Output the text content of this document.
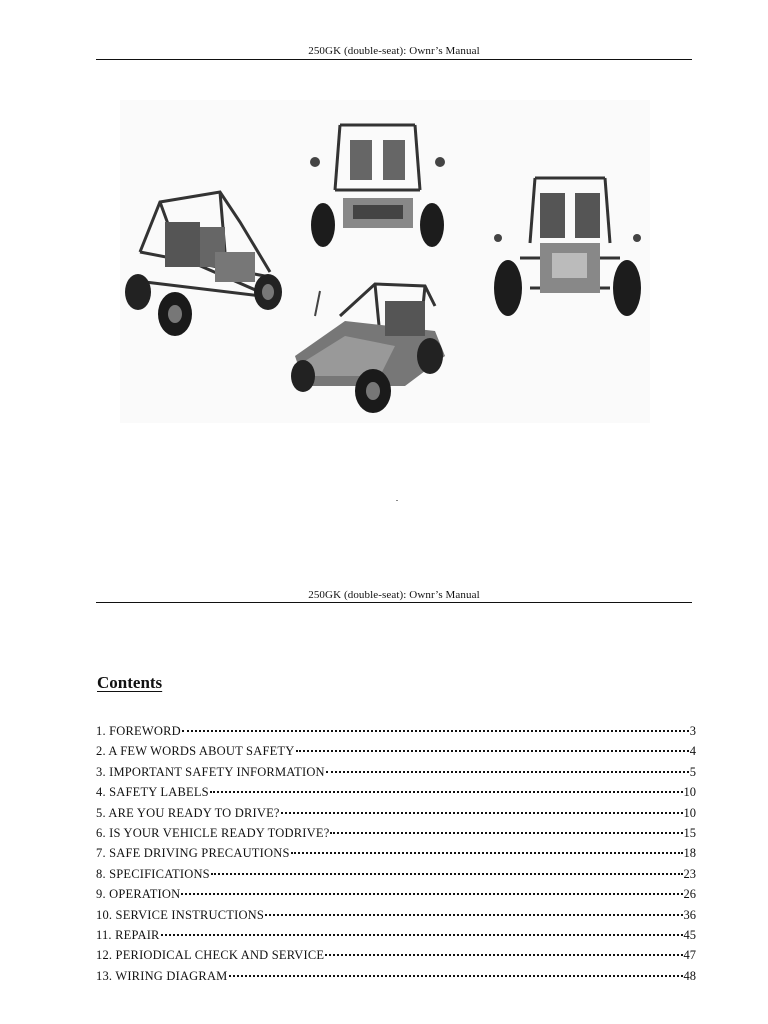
250GK (double-seat): Ownr’s Manual
250GK (double-seat): Ownr’s Manual
Contents
1. FOREWORD	3
2. A FEW WORDS ABOUT SAFETY	4
3. IMPORTANT SAFETY INFORMATION	5
4. SAFETY LABELS	10
5. ARE YOU READY TO DRIVE?	10
6. IS YOUR VEHICLE READY TODRIVE?	15
7. SAFE DRIVING PRECAUTIONS	18
8. SPECIFICATIONS	23
9. OPERATION	26
10. SERVICE INSTRUCTIONS	36
11. REPAIR	45
12. PERIODICAL CHECK AND SERVICE	47
13. WIRING DIAGRAM	48
